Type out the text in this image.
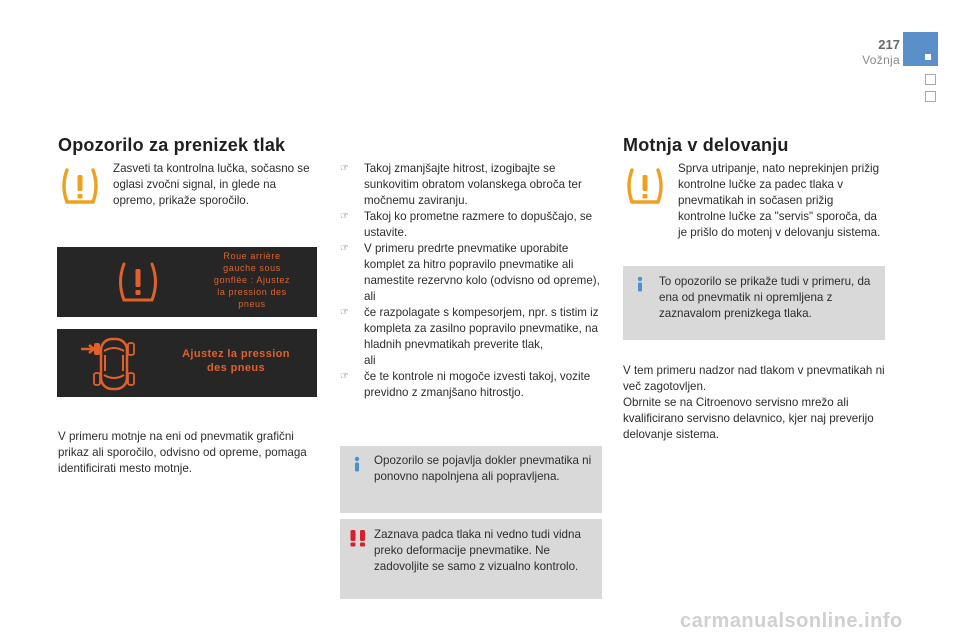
217
Vožnja
Opozorilo za prenizek tlak
Zasveti ta kontrolna lučka, sočasno se oglasi zvočni signal, in glede na opremo, prikaže sporočilo.
Roue arrière
gauche sous
gonflée : Ajustez
la pression des
pneus
Ajustez la pression
des pneus
V primeru motnje na eni od pnevmatik grafični prikaz ali sporočilo, odvisno od opreme, pomaga identificirati mesto motnje.
☞ Takoj zmanjšajte hitrost, izogibajte se sunkovitim obratom volanskega obroča ter močnemu zaviranju.
☞ Takoj ko prometne razmere to dopuščajo, se ustavite.
☞ V primeru predrte pnevmatike uporabite komplet za hitro popravilo pnevmatike ali namestite rezervno kolo (odvisno od opreme),
ali
☞ če razpolagate s kompesorjem, npr. s tistim iz kompleta za zasilno popravilo pnevmatike, na hladnih pnevmatikah preverite tlak,
ali
☞ če te kontrole ni mogoče izvesti takoj, vozite previdno z zmanjšano hitrostjo.
Opozorilo se pojavlja dokler pnevmatika ni ponovno napolnjena ali popravljena.
Zaznava padca tlaka ni vedno tudi vidna preko deformacije pnevmatike. Ne zadovoljite se samo z vizualno kontrolo.
Motnja v delovanju
Sprva utripanje, nato neprekinjen prižig kontrolne lučke za padec tlaka v pnevmatikah in sočasen prižig kontrolne lučke za "servis" sporoča, da je prišlo do motenj v delovanju sistema.
To opozorilo se prikaže tudi v primeru, da ena od pnevmatik ni opremljena z zaznavalom prenizkega tlaka.
V tem primeru nadzor nad tlakom v pnevmatikah ni več zagotovljen.
Obrnite se na Citroenovo servisno mrežo ali kvalificirano servisno delavnico, kjer naj preverijo delovanje sistema.
carmanualsonline.info
